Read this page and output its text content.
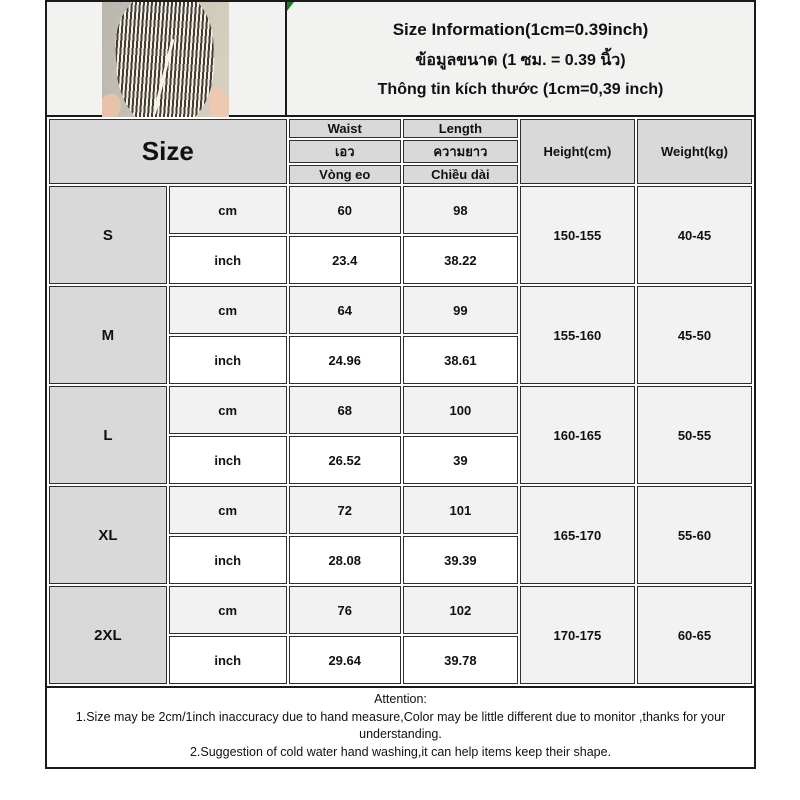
Size Information(1cm=0.39inch)
ข้อมูลขนาด (1 ซม. = 0.39 นิ้ว)
Thông tin kích thước (1cm=0,39 inch)
Size		Waist	Length	Height(cm)	Weight(kg)
		เอว	ความยาว		
		Vòng eo	Chiều dài		
S	cm	60	98	150-155	40-45
	inch	23.4	38.22		
M	cm	64	99	155-160	45-50
	inch	24.96	38.61		
L	cm	68	100	160-165	50-55
	inch	26.52	39		
XL	cm	72	101	165-170	55-60
	inch	28.08	39.39		
2XL	cm	76	102	170-175	60-65
	inch	29.64	39.78		
Attention:
1.Size may be 2cm/1inch inaccuracy due to hand measure,Color may be little different due to monitor ,thanks for your understanding.
2.Suggestion of cold water hand washing,it can help items keep their shape.
